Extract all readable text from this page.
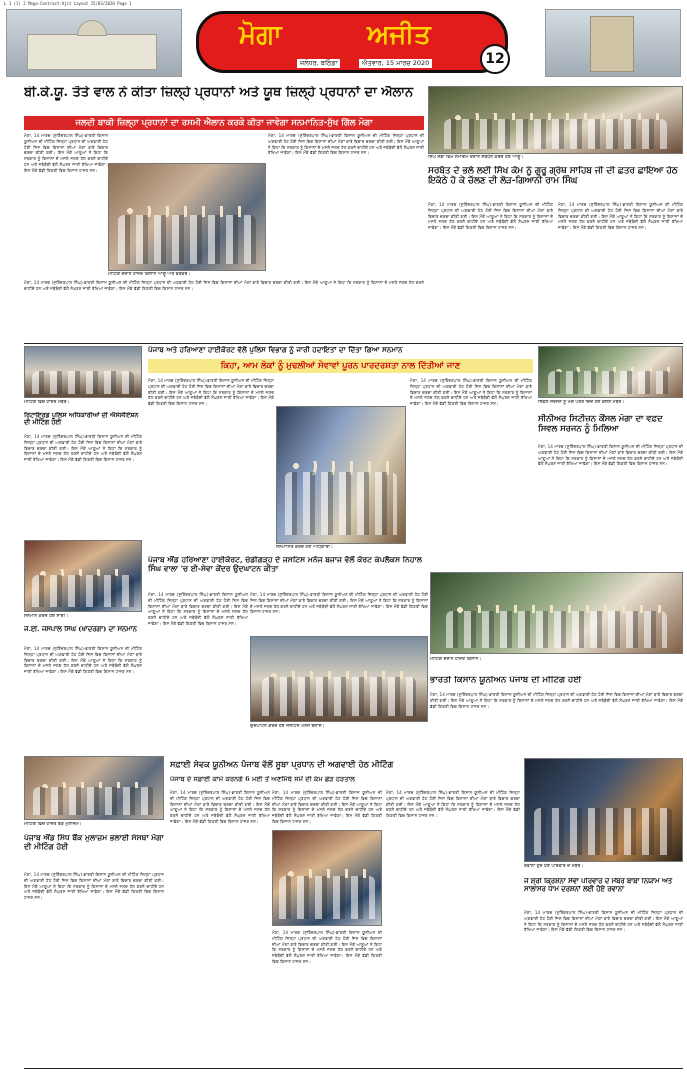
L 1 (1) 2 Moga-Contract-Ajit Layout 15/03/2020 Page 1
ਮੋਗਾ	ਅਜੀਤ
ਜਲੰਧਰ, ਬਠਿੰਡਾ	ਐਤਵਾਰ, 15 ਮਾਰਚ 2020	12
ਬੀ.ਕੇ.ਯੂ. ਤੋਤੇ ਵਾਲ ਨੇ ਕੀਤਾ ਜ਼ਿਲ੍ਹੇ ਪ੍ਰਧਾਨਾਂ ਅਤੇ ਯੂਥ ਜ਼ਿਲ੍ਹੇ ਪ੍ਰਧਾਨਾਂ ਦਾ ਐਲਾਨ
ਜਲਦੀ ਬਾਕੀ ਜ਼ਿਲ੍ਹਾ ਪ੍ਰਧਾਨਾਂ ਦਾ ਰਸਮੀ ਐਲਾਨ ਕਰਕੇ ਕੀਤਾ ਜਾਵੇਗਾ ਸਨਮਾਨਿਤ-ਸੁੱਖ ਗਿੱਲ ਮੋਗਾ
ਮੋਗਾ, 14 ਮਾਰਚ (ਸੁਰਿੰਦਰਪਾਲ ਸਿੰਘ)-ਭਾਰਤੀ ਕਿਸਾਨ ਯੂਨੀਅਨ ਦੀ ਮੀਟਿੰਗ ਜ਼ਿਲ੍ਹਾ ਪ੍ਰਧਾਨ ਦੀ ਅਗਵਾਈ ਹੇਠ ਹੋਈ ਜਿਸ ਵਿਚ ਕਿਸਾਨਾਂ ਦੀਆਂ ਮੰਗਾਂ ਬਾਰੇ ਵਿਚਾਰ ਚਰਚਾ ਕੀਤੀ ਗਈ। ਇਸ ਮੌਕੇ ਆਗੂਆਂ ਨੇ ਕਿਹਾ ਕਿ ਸਰਕਾਰ ਨੂੰ ਕਿਸਾਨਾਂ ਦੇ ਮਸਲੇ ਜਲਦ ਹੱਲ ਕਰਨੇ ਚਾਹੀਦੇ ਹਨ ਅਤੇ ਜਥੇਬੰਦੀ ਵੱਲੋਂ ਸੰਘਰਸ਼ ਜਾਰੀ ਰੱਖਿਆ ਜਾਵੇਗਾ। ਇਸ ਮੌਕੇ ਵੱਡੀ ਗਿਣਤੀ ਵਿਚ ਕਿਸਾਨ ਹਾਜ਼ਰ ਸਨ।
ਮੀਟਿੰਗ ਦੌਰਾਨ ਹਾਜ਼ਰ ਕਿਸਾਨ ਆਗੂ ਅਤੇ ਵਰਕਰ।
ਮੋਗਾ, 14 ਮਾਰਚ (ਸੁਰਿੰਦਰਪਾਲ ਸਿੰਘ)-ਭਾਰਤੀ ਕਿਸਾਨ ਯੂਨੀਅਨ ਦੀ ਮੀਟਿੰਗ ਜ਼ਿਲ੍ਹਾ ਪ੍ਰਧਾਨ ਦੀ ਅਗਵਾਈ ਹੇਠ ਹੋਈ ਜਿਸ ਵਿਚ ਕਿਸਾਨਾਂ ਦੀਆਂ ਮੰਗਾਂ ਬਾਰੇ ਵਿਚਾਰ ਚਰਚਾ ਕੀਤੀ ਗਈ। ਇਸ ਮੌਕੇ ਆਗੂਆਂ ਨੇ ਕਿਹਾ ਕਿ ਸਰਕਾਰ ਨੂੰ ਕਿਸਾਨਾਂ ਦੇ ਮਸਲੇ ਜਲਦ ਹੱਲ ਕਰਨੇ ਚਾਹੀਦੇ ਹਨ ਅਤੇ ਜਥੇਬੰਦੀ ਵੱਲੋਂ ਸੰਘਰਸ਼ ਜਾਰੀ ਰੱਖਿਆ ਜਾਵੇਗਾ। ਇਸ ਮੌਕੇ ਵੱਡੀ ਗਿਣਤੀ ਵਿਚ ਕਿਸਾਨ ਹਾਜ਼ਰ ਸਨ।
ਮੋਗਾ, 14 ਮਾਰਚ (ਸੁਰਿੰਦਰਪਾਲ ਸਿੰਘ)-ਭਾਰਤੀ ਕਿਸਾਨ ਯੂਨੀਅਨ ਦੀ ਮੀਟਿੰਗ ਜ਼ਿਲ੍ਹਾ ਪ੍ਰਧਾਨ ਦੀ ਅਗਵਾਈ ਹੇਠ ਹੋਈ ਜਿਸ ਵਿਚ ਕਿਸਾਨਾਂ ਦੀਆਂ ਮੰਗਾਂ ਬਾਰੇ ਵਿਚਾਰ ਚਰਚਾ ਕੀਤੀ ਗਈ। ਇਸ ਮੌਕੇ ਆਗੂਆਂ ਨੇ ਕਿਹਾ ਕਿ ਸਰਕਾਰ ਨੂੰ ਕਿਸਾਨਾਂ ਦੇ ਮਸਲੇ ਜਲਦ ਹੱਲ ਕਰਨੇ ਚਾਹੀਦੇ ਹਨ ਅਤੇ ਜਥੇਬੰਦੀ ਵੱਲੋਂ ਸੰਘਰਸ਼ ਜਾਰੀ ਰੱਖਿਆ ਜਾਵੇਗਾ। ਇਸ ਮੌਕੇ ਵੱਡੀ ਗਿਣਤੀ ਵਿਚ ਕਿਸਾਨ ਹਾਜ਼ਰ ਸਨ।
ਸਿੰਘ ਸਭਾ ਵਿਖੇ ਸਮਾਗਮ ਦੌਰਾਨ ਸੰਬੋਧਨ ਕਰਦੇ ਹੋਏ ਆਗੂ।
ਸਰਬੱਤ ਦੇ ਭਲੇ ਲਈ ਸਿੱਖ ਕੌਮ ਨੂੰ ਗੁਰੂ ਗ੍ਰੰਥ ਸਾਹਿਬ ਜੀ ਦੀ ਛਤਰ ਛਾਇਆ ਹੇਠ ਇਕੱਠੇ ਹੋ ਕੇ ਚੱਲਣ ਦੀ ਲੋੜ-ਗਿਆਨੀ ਰਾਮ ਸਿੰਘ
ਮੋਗਾ, 14 ਮਾਰਚ (ਸੁਰਿੰਦਰਪਾਲ ਸਿੰਘ)-ਭਾਰਤੀ ਕਿਸਾਨ ਯੂਨੀਅਨ ਦੀ ਮੀਟਿੰਗ ਜ਼ਿਲ੍ਹਾ ਪ੍ਰਧਾਨ ਦੀ ਅਗਵਾਈ ਹੇਠ ਹੋਈ ਜਿਸ ਵਿਚ ਕਿਸਾਨਾਂ ਦੀਆਂ ਮੰਗਾਂ ਬਾਰੇ ਵਿਚਾਰ ਚਰਚਾ ਕੀਤੀ ਗਈ। ਇਸ ਮੌਕੇ ਆਗੂਆਂ ਨੇ ਕਿਹਾ ਕਿ ਸਰਕਾਰ ਨੂੰ ਕਿਸਾਨਾਂ ਦੇ ਮਸਲੇ ਜਲਦ ਹੱਲ ਕਰਨੇ ਚਾਹੀਦੇ ਹਨ ਅਤੇ ਜਥੇਬੰਦੀ ਵੱਲੋਂ ਸੰਘਰਸ਼ ਜਾਰੀ ਰੱਖਿਆ ਜਾਵੇਗਾ। ਇਸ ਮੌਕੇ ਵੱਡੀ ਗਿਣਤੀ ਵਿਚ ਕਿਸਾਨ ਹਾਜ਼ਰ ਸਨ।
ਮੋਗਾ, 14 ਮਾਰਚ (ਸੁਰਿੰਦਰਪਾਲ ਸਿੰਘ)-ਭਾਰਤੀ ਕਿਸਾਨ ਯੂਨੀਅਨ ਦੀ ਮੀਟਿੰਗ ਜ਼ਿਲ੍ਹਾ ਪ੍ਰਧਾਨ ਦੀ ਅਗਵਾਈ ਹੇਠ ਹੋਈ ਜਿਸ ਵਿਚ ਕਿਸਾਨਾਂ ਦੀਆਂ ਮੰਗਾਂ ਬਾਰੇ ਵਿਚਾਰ ਚਰਚਾ ਕੀਤੀ ਗਈ। ਇਸ ਮੌਕੇ ਆਗੂਆਂ ਨੇ ਕਿਹਾ ਕਿ ਸਰਕਾਰ ਨੂੰ ਕਿਸਾਨਾਂ ਦੇ ਮਸਲੇ ਜਲਦ ਹੱਲ ਕਰਨੇ ਚਾਹੀਦੇ ਹਨ ਅਤੇ ਜਥੇਬੰਦੀ ਵੱਲੋਂ ਸੰਘਰਸ਼ ਜਾਰੀ ਰੱਖਿਆ ਜਾਵੇਗਾ। ਇਸ ਮੌਕੇ ਵੱਡੀ ਗਿਣਤੀ ਵਿਚ ਕਿਸਾਨ ਹਾਜ਼ਰ ਸਨ।
ਪੰਜਾਬ ਅਤੇ ਹਰਿਆਣਾ ਹਾਈਕੋਰਟ ਵੱਲੋਂ ਪੁਲਿਸ ਵਿਭਾਗ ਨੂੰ ਜਾਰੀ ਹਦਾਇਤਾਂ ਦਾ ਦਿੱਤਾ ਗਿਆ ਸਨਮਾਨ
ਕਿਹਾ, ਆਮ ਲੋਕਾਂ ਨੂੰ ਮੁਢਲੀਆਂ ਸੇਵਾਵਾਂ ਪੂਰਨ ਪਾਰਦਰਸ਼ਤਾ ਨਾਲ ਦਿੱਤੀਆਂ ਜਾਣ
ਮੀਟਿੰਗ ਵਿੱਚ ਹਾਜ਼ਰ ਮੈਂਬਰ।
ਰਿਟਾਇਰਡ ਪੁਲਿਸ ਅਧਿਕਾਰੀਆਂ ਦੀ ਐਸੋਸੀਏਸ਼ਨ ਦੀ ਮੀਟਿੰਗ ਹੋਈ
ਮੋਗਾ, 14 ਮਾਰਚ (ਸੁਰਿੰਦਰਪਾਲ ਸਿੰਘ)-ਭਾਰਤੀ ਕਿਸਾਨ ਯੂਨੀਅਨ ਦੀ ਮੀਟਿੰਗ ਜ਼ਿਲ੍ਹਾ ਪ੍ਰਧਾਨ ਦੀ ਅਗਵਾਈ ਹੇਠ ਹੋਈ ਜਿਸ ਵਿਚ ਕਿਸਾਨਾਂ ਦੀਆਂ ਮੰਗਾਂ ਬਾਰੇ ਵਿਚਾਰ ਚਰਚਾ ਕੀਤੀ ਗਈ। ਇਸ ਮੌਕੇ ਆਗੂਆਂ ਨੇ ਕਿਹਾ ਕਿ ਸਰਕਾਰ ਨੂੰ ਕਿਸਾਨਾਂ ਦੇ ਮਸਲੇ ਜਲਦ ਹੱਲ ਕਰਨੇ ਚਾਹੀਦੇ ਹਨ ਅਤੇ ਜਥੇਬੰਦੀ ਵੱਲੋਂ ਸੰਘਰਸ਼ ਜਾਰੀ ਰੱਖਿਆ ਜਾਵੇਗਾ। ਇਸ ਮੌਕੇ ਵੱਡੀ ਗਿਣਤੀ ਵਿਚ ਕਿਸਾਨ ਹਾਜ਼ਰ ਸਨ।
ਮੋਗਾ, 14 ਮਾਰਚ (ਸੁਰਿੰਦਰਪਾਲ ਸਿੰਘ)-ਭਾਰਤੀ ਕਿਸਾਨ ਯੂਨੀਅਨ ਦੀ ਮੀਟਿੰਗ ਜ਼ਿਲ੍ਹਾ ਪ੍ਰਧਾਨ ਦੀ ਅਗਵਾਈ ਹੇਠ ਹੋਈ ਜਿਸ ਵਿਚ ਕਿਸਾਨਾਂ ਦੀਆਂ ਮੰਗਾਂ ਬਾਰੇ ਵਿਚਾਰ ਚਰਚਾ ਕੀਤੀ ਗਈ। ਇਸ ਮੌਕੇ ਆਗੂਆਂ ਨੇ ਕਿਹਾ ਕਿ ਸਰਕਾਰ ਨੂੰ ਕਿਸਾਨਾਂ ਦੇ ਮਸਲੇ ਜਲਦ ਹੱਲ ਕਰਨੇ ਚਾਹੀਦੇ ਹਨ ਅਤੇ ਜਥੇਬੰਦੀ ਵੱਲੋਂ ਸੰਘਰਸ਼ ਜਾਰੀ ਰੱਖਿਆ ਜਾਵੇਗਾ। ਇਸ ਮੌਕੇ ਵੱਡੀ ਗਿਣਤੀ ਵਿਚ ਕਿਸਾਨ ਹਾਜ਼ਰ ਸਨ।
ਸਨਮਾਨਿਤ ਕਰਦੇ ਹੋਏ ਅਧਿਕਾਰੀ।
ਮੋਗਾ, 14 ਮਾਰਚ (ਸੁਰਿੰਦਰਪਾਲ ਸਿੰਘ)-ਭਾਰਤੀ ਕਿਸਾਨ ਯੂਨੀਅਨ ਦੀ ਮੀਟਿੰਗ ਜ਼ਿਲ੍ਹਾ ਪ੍ਰਧਾਨ ਦੀ ਅਗਵਾਈ ਹੇਠ ਹੋਈ ਜਿਸ ਵਿਚ ਕਿਸਾਨਾਂ ਦੀਆਂ ਮੰਗਾਂ ਬਾਰੇ ਵਿਚਾਰ ਚਰਚਾ ਕੀਤੀ ਗਈ। ਇਸ ਮੌਕੇ ਆਗੂਆਂ ਨੇ ਕਿਹਾ ਕਿ ਸਰਕਾਰ ਨੂੰ ਕਿਸਾਨਾਂ ਦੇ ਮਸਲੇ ਜਲਦ ਹੱਲ ਕਰਨੇ ਚਾਹੀਦੇ ਹਨ ਅਤੇ ਜਥੇਬੰਦੀ ਵੱਲੋਂ ਸੰਘਰਸ਼ ਜਾਰੀ ਰੱਖਿਆ ਜਾਵੇਗਾ। ਇਸ ਮੌਕੇ ਵੱਡੀ ਗਿਣਤੀ ਵਿਚ ਕਿਸਾਨ ਹਾਜ਼ਰ ਸਨ।	ਸਿਵਲ ਸਰਜਨ ਨੂੰ ਮੰਗ ਪੱਤਰ ਦਿੰਦੇ ਹੋਏ ਕੌਂਸਲ ਮੈਂਬਰ।
ਸੀਨੀਅਰ ਸਿਟੀਜ਼ਨ ਕੌਂਸਲ ਮੋਗਾ ਦਾ ਵਫ਼ਦ ਸਿਵਲ ਸਰਜਨ ਨੂੰ ਮਿਲਿਆ
ਮੋਗਾ, 14 ਮਾਰਚ (ਸੁਰਿੰਦਰਪਾਲ ਸਿੰਘ)-ਭਾਰਤੀ ਕਿਸਾਨ ਯੂਨੀਅਨ ਦੀ ਮੀਟਿੰਗ ਜ਼ਿਲ੍ਹਾ ਪ੍ਰਧਾਨ ਦੀ ਅਗਵਾਈ ਹੇਠ ਹੋਈ ਜਿਸ ਵਿਚ ਕਿਸਾਨਾਂ ਦੀਆਂ ਮੰਗਾਂ ਬਾਰੇ ਵਿਚਾਰ ਚਰਚਾ ਕੀਤੀ ਗਈ। ਇਸ ਮੌਕੇ ਆਗੂਆਂ ਨੇ ਕਿਹਾ ਕਿ ਸਰਕਾਰ ਨੂੰ ਕਿਸਾਨਾਂ ਦੇ ਮਸਲੇ ਜਲਦ ਹੱਲ ਕਰਨੇ ਚਾਹੀਦੇ ਹਨ ਅਤੇ ਜਥੇਬੰਦੀ ਵੱਲੋਂ ਸੰਘਰਸ਼ ਜਾਰੀ ਰੱਖਿਆ ਜਾਵੇਗਾ। ਇਸ ਮੌਕੇ ਵੱਡੀ ਗਿਣਤੀ ਵਿਚ ਕਿਸਾਨ ਹਾਜ਼ਰ ਸਨ।
ਸਨਮਾਨ ਕਰਦੇ ਹੋਏ ਸਾਥੀ।
ਜੇ.ਈ. ਜਸਪਾਲ ਸਿੰਘ (ਖਾਦਰਗਾ) ਦਾ ਸਨਮਾਨ
ਮੋਗਾ, 14 ਮਾਰਚ (ਸੁਰਿੰਦਰਪਾਲ ਸਿੰਘ)-ਭਾਰਤੀ ਕਿਸਾਨ ਯੂਨੀਅਨ ਦੀ ਮੀਟਿੰਗ ਜ਼ਿਲ੍ਹਾ ਪ੍ਰਧਾਨ ਦੀ ਅਗਵਾਈ ਹੇਠ ਹੋਈ ਜਿਸ ਵਿਚ ਕਿਸਾਨਾਂ ਦੀਆਂ ਮੰਗਾਂ ਬਾਰੇ ਵਿਚਾਰ ਚਰਚਾ ਕੀਤੀ ਗਈ। ਇਸ ਮੌਕੇ ਆਗੂਆਂ ਨੇ ਕਿਹਾ ਕਿ ਸਰਕਾਰ ਨੂੰ ਕਿਸਾਨਾਂ ਦੇ ਮਸਲੇ ਜਲਦ ਹੱਲ ਕਰਨੇ ਚਾਹੀਦੇ ਹਨ ਅਤੇ ਜਥੇਬੰਦੀ ਵੱਲੋਂ ਸੰਘਰਸ਼ ਜਾਰੀ ਰੱਖਿਆ ਜਾਵੇਗਾ। ਇਸ ਮੌਕੇ ਵੱਡੀ ਗਿਣਤੀ ਵਿਚ ਕਿਸਾਨ ਹਾਜ਼ਰ ਸਨ।
ਪੰਜਾਬ ਐਂਡ ਹਰਿਆਣਾ ਹਾਈਕੋਰਟ, ਚੰਡੀਗੜ੍ਹ ਦੇ ਜਸਟਿਸ ਮਨੋਜ ਬਜਾਜ ਵੱਲੋਂ ਕੋਰਟ ਕੰਪਲੈਕਸ ਨਿਹਾਲ ਸਿੰਘ ਵਾਲਾ 'ਚ ਈ-ਸੇਵਾ ਕੇਂਦਰ ਉਦਘਾਟਨ ਕੀਤਾ
ਮੋਗਾ, 14 ਮਾਰਚ (ਸੁਰਿੰਦਰਪਾਲ ਸਿੰਘ)-ਭਾਰਤੀ ਕਿਸਾਨ ਯੂਨੀਅਨ ਦੀ ਮੀਟਿੰਗ ਜ਼ਿਲ੍ਹਾ ਪ੍ਰਧਾਨ ਦੀ ਅਗਵਾਈ ਹੇਠ ਹੋਈ ਜਿਸ ਵਿਚ ਕਿਸਾਨਾਂ ਦੀਆਂ ਮੰਗਾਂ ਬਾਰੇ ਵਿਚਾਰ ਚਰਚਾ ਕੀਤੀ ਗਈ। ਇਸ ਮੌਕੇ ਆਗੂਆਂ ਨੇ ਕਿਹਾ ਕਿ ਸਰਕਾਰ ਨੂੰ ਕਿਸਾਨਾਂ ਦੇ ਮਸਲੇ ਜਲਦ ਹੱਲ ਕਰਨੇ ਚਾਹੀਦੇ ਹਨ ਅਤੇ ਜਥੇਬੰਦੀ ਵੱਲੋਂ ਸੰਘਰਸ਼ ਜਾਰੀ ਰੱਖਿਆ ਜਾਵੇਗਾ। ਇਸ ਮੌਕੇ ਵੱਡੀ ਗਿਣਤੀ ਵਿਚ ਕਿਸਾਨ ਹਾਜ਼ਰ ਸਨ।
ਉਦਘਾਟਨ ਕਰਦੇ ਹੋਏ ਜਸਟਿਸ ਮਨੋਜ ਬਜਾਜ।
ਮੋਗਾ, 14 ਮਾਰਚ (ਸੁਰਿੰਦਰਪਾਲ ਸਿੰਘ)-ਭਾਰਤੀ ਕਿਸਾਨ ਯੂਨੀਅਨ ਦੀ ਮੀਟਿੰਗ ਜ਼ਿਲ੍ਹਾ ਪ੍ਰਧਾਨ ਦੀ ਅਗਵਾਈ ਹੇਠ ਹੋਈ ਜਿਸ ਵਿਚ ਕਿਸਾਨਾਂ ਦੀਆਂ ਮੰਗਾਂ ਬਾਰੇ ਵਿਚਾਰ ਚਰਚਾ ਕੀਤੀ ਗਈ। ਇਸ ਮੌਕੇ ਆਗੂਆਂ ਨੇ ਕਿਹਾ ਕਿ ਸਰਕਾਰ ਨੂੰ ਕਿਸਾਨਾਂ ਦੇ ਮਸਲੇ ਜਲਦ ਹੱਲ ਕਰਨੇ ਚਾਹੀਦੇ ਹਨ ਅਤੇ ਜਥੇਬੰਦੀ ਵੱਲੋਂ ਸੰਘਰਸ਼ ਜਾਰੀ ਰੱਖਿਆ ਜਾਵੇਗਾ। ਇਸ ਮੌਕੇ ਵੱਡੀ ਗਿਣਤੀ ਵਿਚ ਕਿਸਾਨ ਹਾਜ਼ਰ ਸਨ।
ਭਾਰਤੀ ਕਿਸਾਨ ਯੂਨੀਅਨ ਪੰਜਾਬ ਦੀ ਮੀਟਿੰਗ ਹੋਈ
ਮੀਟਿੰਗ ਦੌਰਾਨ ਹਾਜ਼ਰ ਕਿਸਾਨ।
ਮੋਗਾ, 14 ਮਾਰਚ (ਸੁਰਿੰਦਰਪਾਲ ਸਿੰਘ)-ਭਾਰਤੀ ਕਿਸਾਨ ਯੂਨੀਅਨ ਦੀ ਮੀਟਿੰਗ ਜ਼ਿਲ੍ਹਾ ਪ੍ਰਧਾਨ ਦੀ ਅਗਵਾਈ ਹੇਠ ਹੋਈ ਜਿਸ ਵਿਚ ਕਿਸਾਨਾਂ ਦੀਆਂ ਮੰਗਾਂ ਬਾਰੇ ਵਿਚਾਰ ਚਰਚਾ ਕੀਤੀ ਗਈ। ਇਸ ਮੌਕੇ ਆਗੂਆਂ ਨੇ ਕਿਹਾ ਕਿ ਸਰਕਾਰ ਨੂੰ ਕਿਸਾਨਾਂ ਦੇ ਮਸਲੇ ਜਲਦ ਹੱਲ ਕਰਨੇ ਚਾਹੀਦੇ ਹਨ ਅਤੇ ਜਥੇਬੰਦੀ ਵੱਲੋਂ ਸੰਘਰਸ਼ ਜਾਰੀ ਰੱਖਿਆ ਜਾਵੇਗਾ। ਇਸ ਮੌਕੇ ਵੱਡੀ ਗਿਣਤੀ ਵਿਚ ਕਿਸਾਨ ਹਾਜ਼ਰ ਸਨ।
ਮੀਟਿੰਗ ਵਿੱਚ ਹਾਜ਼ਰ ਬੈਂਕ ਮੁਲਾਜ਼ਮ।
ਸਫ਼ਾਈ ਸੇਵਕ ਯੂਨੀਅਨ ਪੰਜਾਬ ਵੱਲੋਂ ਸੂਬਾ ਪ੍ਰਧਾਨ ਦੀ ਅਗਵਾਈ ਹੇਠ ਮੀਟਿੰਗ
ਪੰਜਾਬ ਦੇ ਸਫ਼ਾਈ ਕਾਮੇ ਕਰਨਗੇ 6 ਮਈ ਤੋਂ ਅਣਮਿੱਥੇ ਸਮੇਂ ਦੀ ਕੰਮ ਛੋੜ ਹੜਤਾਲ
ਮੋਗਾ, 14 ਮਾਰਚ (ਸੁਰਿੰਦਰਪਾਲ ਸਿੰਘ)-ਭਾਰਤੀ ਕਿਸਾਨ ਯੂਨੀਅਨ ਦੀ ਮੀਟਿੰਗ ਜ਼ਿਲ੍ਹਾ ਪ੍ਰਧਾਨ ਦੀ ਅਗਵਾਈ ਹੇਠ ਹੋਈ ਜਿਸ ਵਿਚ ਕਿਸਾਨਾਂ ਦੀਆਂ ਮੰਗਾਂ ਬਾਰੇ ਵਿਚਾਰ ਚਰਚਾ ਕੀਤੀ ਗਈ। ਇਸ ਮੌਕੇ ਆਗੂਆਂ ਨੇ ਕਿਹਾ ਕਿ ਸਰਕਾਰ ਨੂੰ ਕਿਸਾਨਾਂ ਦੇ ਮਸਲੇ ਜਲਦ ਹੱਲ ਕਰਨੇ ਚਾਹੀਦੇ ਹਨ ਅਤੇ ਜਥੇਬੰਦੀ ਵੱਲੋਂ ਸੰਘਰਸ਼ ਜਾਰੀ ਰੱਖਿਆ ਜਾਵੇਗਾ। ਇਸ ਮੌਕੇ ਵੱਡੀ ਗਿਣਤੀ ਵਿਚ ਕਿਸਾਨ ਹਾਜ਼ਰ ਸਨ।
ਮੋਗਾ, 14 ਮਾਰਚ (ਸੁਰਿੰਦਰਪਾਲ ਸਿੰਘ)-ਭਾਰਤੀ ਕਿਸਾਨ ਯੂਨੀਅਨ ਦੀ ਮੀਟਿੰਗ ਜ਼ਿਲ੍ਹਾ ਪ੍ਰਧਾਨ ਦੀ ਅਗਵਾਈ ਹੇਠ ਹੋਈ ਜਿਸ ਵਿਚ ਕਿਸਾਨਾਂ ਦੀਆਂ ਮੰਗਾਂ ਬਾਰੇ ਵਿਚਾਰ ਚਰਚਾ ਕੀਤੀ ਗਈ। ਇਸ ਮੌਕੇ ਆਗੂਆਂ ਨੇ ਕਿਹਾ ਕਿ ਸਰਕਾਰ ਨੂੰ ਕਿਸਾਨਾਂ ਦੇ ਮਸਲੇ ਜਲਦ ਹੱਲ ਕਰਨੇ ਚਾਹੀਦੇ ਹਨ ਅਤੇ ਜਥੇਬੰਦੀ ਵੱਲੋਂ ਸੰਘਰਸ਼ ਜਾਰੀ ਰੱਖਿਆ ਜਾਵੇਗਾ। ਇਸ ਮੌਕੇ ਵੱਡੀ ਗਿਣਤੀ ਵਿਚ ਕਿਸਾਨ ਹਾਜ਼ਰ ਸਨ।
ਮੋਗਾ, 14 ਮਾਰਚ (ਸੁਰਿੰਦਰਪਾਲ ਸਿੰਘ)-ਭਾਰਤੀ ਕਿਸਾਨ ਯੂਨੀਅਨ ਦੀ ਮੀਟਿੰਗ ਜ਼ਿਲ੍ਹਾ ਪ੍ਰਧਾਨ ਦੀ ਅਗਵਾਈ ਹੇਠ ਹੋਈ ਜਿਸ ਵਿਚ ਕਿਸਾਨਾਂ ਦੀਆਂ ਮੰਗਾਂ ਬਾਰੇ ਵਿਚਾਰ ਚਰਚਾ ਕੀਤੀ ਗਈ। ਇਸ ਮੌਕੇ ਆਗੂਆਂ ਨੇ ਕਿਹਾ ਕਿ ਸਰਕਾਰ ਨੂੰ ਕਿਸਾਨਾਂ ਦੇ ਮਸਲੇ ਜਲਦ ਹੱਲ ਕਰਨੇ ਚਾਹੀਦੇ ਹਨ ਅਤੇ ਜਥੇਬੰਦੀ ਵੱਲੋਂ ਸੰਘਰਸ਼ ਜਾਰੀ ਰੱਖਿਆ ਜਾਵੇਗਾ। ਇਸ ਮੌਕੇ ਵੱਡੀ ਗਿਣਤੀ ਵਿਚ ਕਿਸਾਨ ਹਾਜ਼ਰ ਸਨ।
ਮੋਗਾ, 14 ਮਾਰਚ (ਸੁਰਿੰਦਰਪਾਲ ਸਿੰਘ)-ਭਾਰਤੀ ਕਿਸਾਨ ਯੂਨੀਅਨ ਦੀ ਮੀਟਿੰਗ ਜ਼ਿਲ੍ਹਾ ਪ੍ਰਧਾਨ ਦੀ ਅਗਵਾਈ ਹੇਠ ਹੋਈ ਜਿਸ ਵਿਚ ਕਿਸਾਨਾਂ ਦੀਆਂ ਮੰਗਾਂ ਬਾਰੇ ਵਿਚਾਰ ਚਰਚਾ ਕੀਤੀ ਗਈ। ਇਸ ਮੌਕੇ ਆਗੂਆਂ ਨੇ ਕਿਹਾ ਕਿ ਸਰਕਾਰ ਨੂੰ ਕਿਸਾਨਾਂ ਦੇ ਮਸਲੇ ਜਲਦ ਹੱਲ ਕਰਨੇ ਚਾਹੀਦੇ ਹਨ ਅਤੇ ਜਥੇਬੰਦੀ ਵੱਲੋਂ ਸੰਘਰਸ਼ ਜਾਰੀ ਰੱਖਿਆ ਜਾਵੇਗਾ। ਇਸ ਮੌਕੇ ਵੱਡੀ ਗਿਣਤੀ ਵਿਚ ਕਿਸਾਨ ਹਾਜ਼ਰ ਸਨ।
ਪੰਜਾਬ ਐਂਡ ਸਿੰਧ ਬੈਂਕ ਮੁਲਾਜ਼ਮ ਭਲਾਈ ਸੰਸਥਾ ਮੋਗਾ ਦੀ ਮੀਟਿੰਗ ਹੋਈ
ਮੋਗਾ, 14 ਮਾਰਚ (ਸੁਰਿੰਦਰਪਾਲ ਸਿੰਘ)-ਭਾਰਤੀ ਕਿਸਾਨ ਯੂਨੀਅਨ ਦੀ ਮੀਟਿੰਗ ਜ਼ਿਲ੍ਹਾ ਪ੍ਰਧਾਨ ਦੀ ਅਗਵਾਈ ਹੇਠ ਹੋਈ ਜਿਸ ਵਿਚ ਕਿਸਾਨਾਂ ਦੀਆਂ ਮੰਗਾਂ ਬਾਰੇ ਵਿਚਾਰ ਚਰਚਾ ਕੀਤੀ ਗਈ। ਇਸ ਮੌਕੇ ਆਗੂਆਂ ਨੇ ਕਿਹਾ ਕਿ ਸਰਕਾਰ ਨੂੰ ਕਿਸਾਨਾਂ ਦੇ ਮਸਲੇ ਜਲਦ ਹੱਲ ਕਰਨੇ ਚਾਹੀਦੇ ਹਨ ਅਤੇ ਜਥੇਬੰਦੀ ਵੱਲੋਂ ਸੰਘਰਸ਼ ਜਾਰੀ ਰੱਖਿਆ ਜਾਵੇਗਾ। ਇਸ ਮੌਕੇ ਵੱਡੀ ਗਿਣਤੀ ਵਿਚ ਕਿਸਾਨ ਹਾਜ਼ਰ ਸਨ।
ਰਵਾਨਾ ਹੁੰਦੇ ਹੋਏ ਪਰਿਵਾਰ ਦੇ ਮੈਂਬਰ।
ਜੇ ਸ਼੍ਰੀ ਕ੍ਰਿਸ਼ਨਾ ਸੇਵਾ ਪਰਿਵਾਰ ਦੇ ਮੈਂਬਰ ਬਾਬਾ ਨਿਯਾਮ ਅਤੇ ਸਾਲਾਸਰ ਧਾਮ ਦਰਸ਼ਨਾਂ ਲਈ ਹੋਏ ਰਵਾਨਾ
ਮੋਗਾ, 14 ਮਾਰਚ (ਸੁਰਿੰਦਰਪਾਲ ਸਿੰਘ)-ਭਾਰਤੀ ਕਿਸਾਨ ਯੂਨੀਅਨ ਦੀ ਮੀਟਿੰਗ ਜ਼ਿਲ੍ਹਾ ਪ੍ਰਧਾਨ ਦੀ ਅਗਵਾਈ ਹੇਠ ਹੋਈ ਜਿਸ ਵਿਚ ਕਿਸਾਨਾਂ ਦੀਆਂ ਮੰਗਾਂ ਬਾਰੇ ਵਿਚਾਰ ਚਰਚਾ ਕੀਤੀ ਗਈ। ਇਸ ਮੌਕੇ ਆਗੂਆਂ ਨੇ ਕਿਹਾ ਕਿ ਸਰਕਾਰ ਨੂੰ ਕਿਸਾਨਾਂ ਦੇ ਮਸਲੇ ਜਲਦ ਹੱਲ ਕਰਨੇ ਚਾਹੀਦੇ ਹਨ ਅਤੇ ਜਥੇਬੰਦੀ ਵੱਲੋਂ ਸੰਘਰਸ਼ ਜਾਰੀ ਰੱਖਿਆ ਜਾਵੇਗਾ। ਇਸ ਮੌਕੇ ਵੱਡੀ ਗਿਣਤੀ ਵਿਚ ਕਿਸਾਨ ਹਾਜ਼ਰ ਸਨ।
